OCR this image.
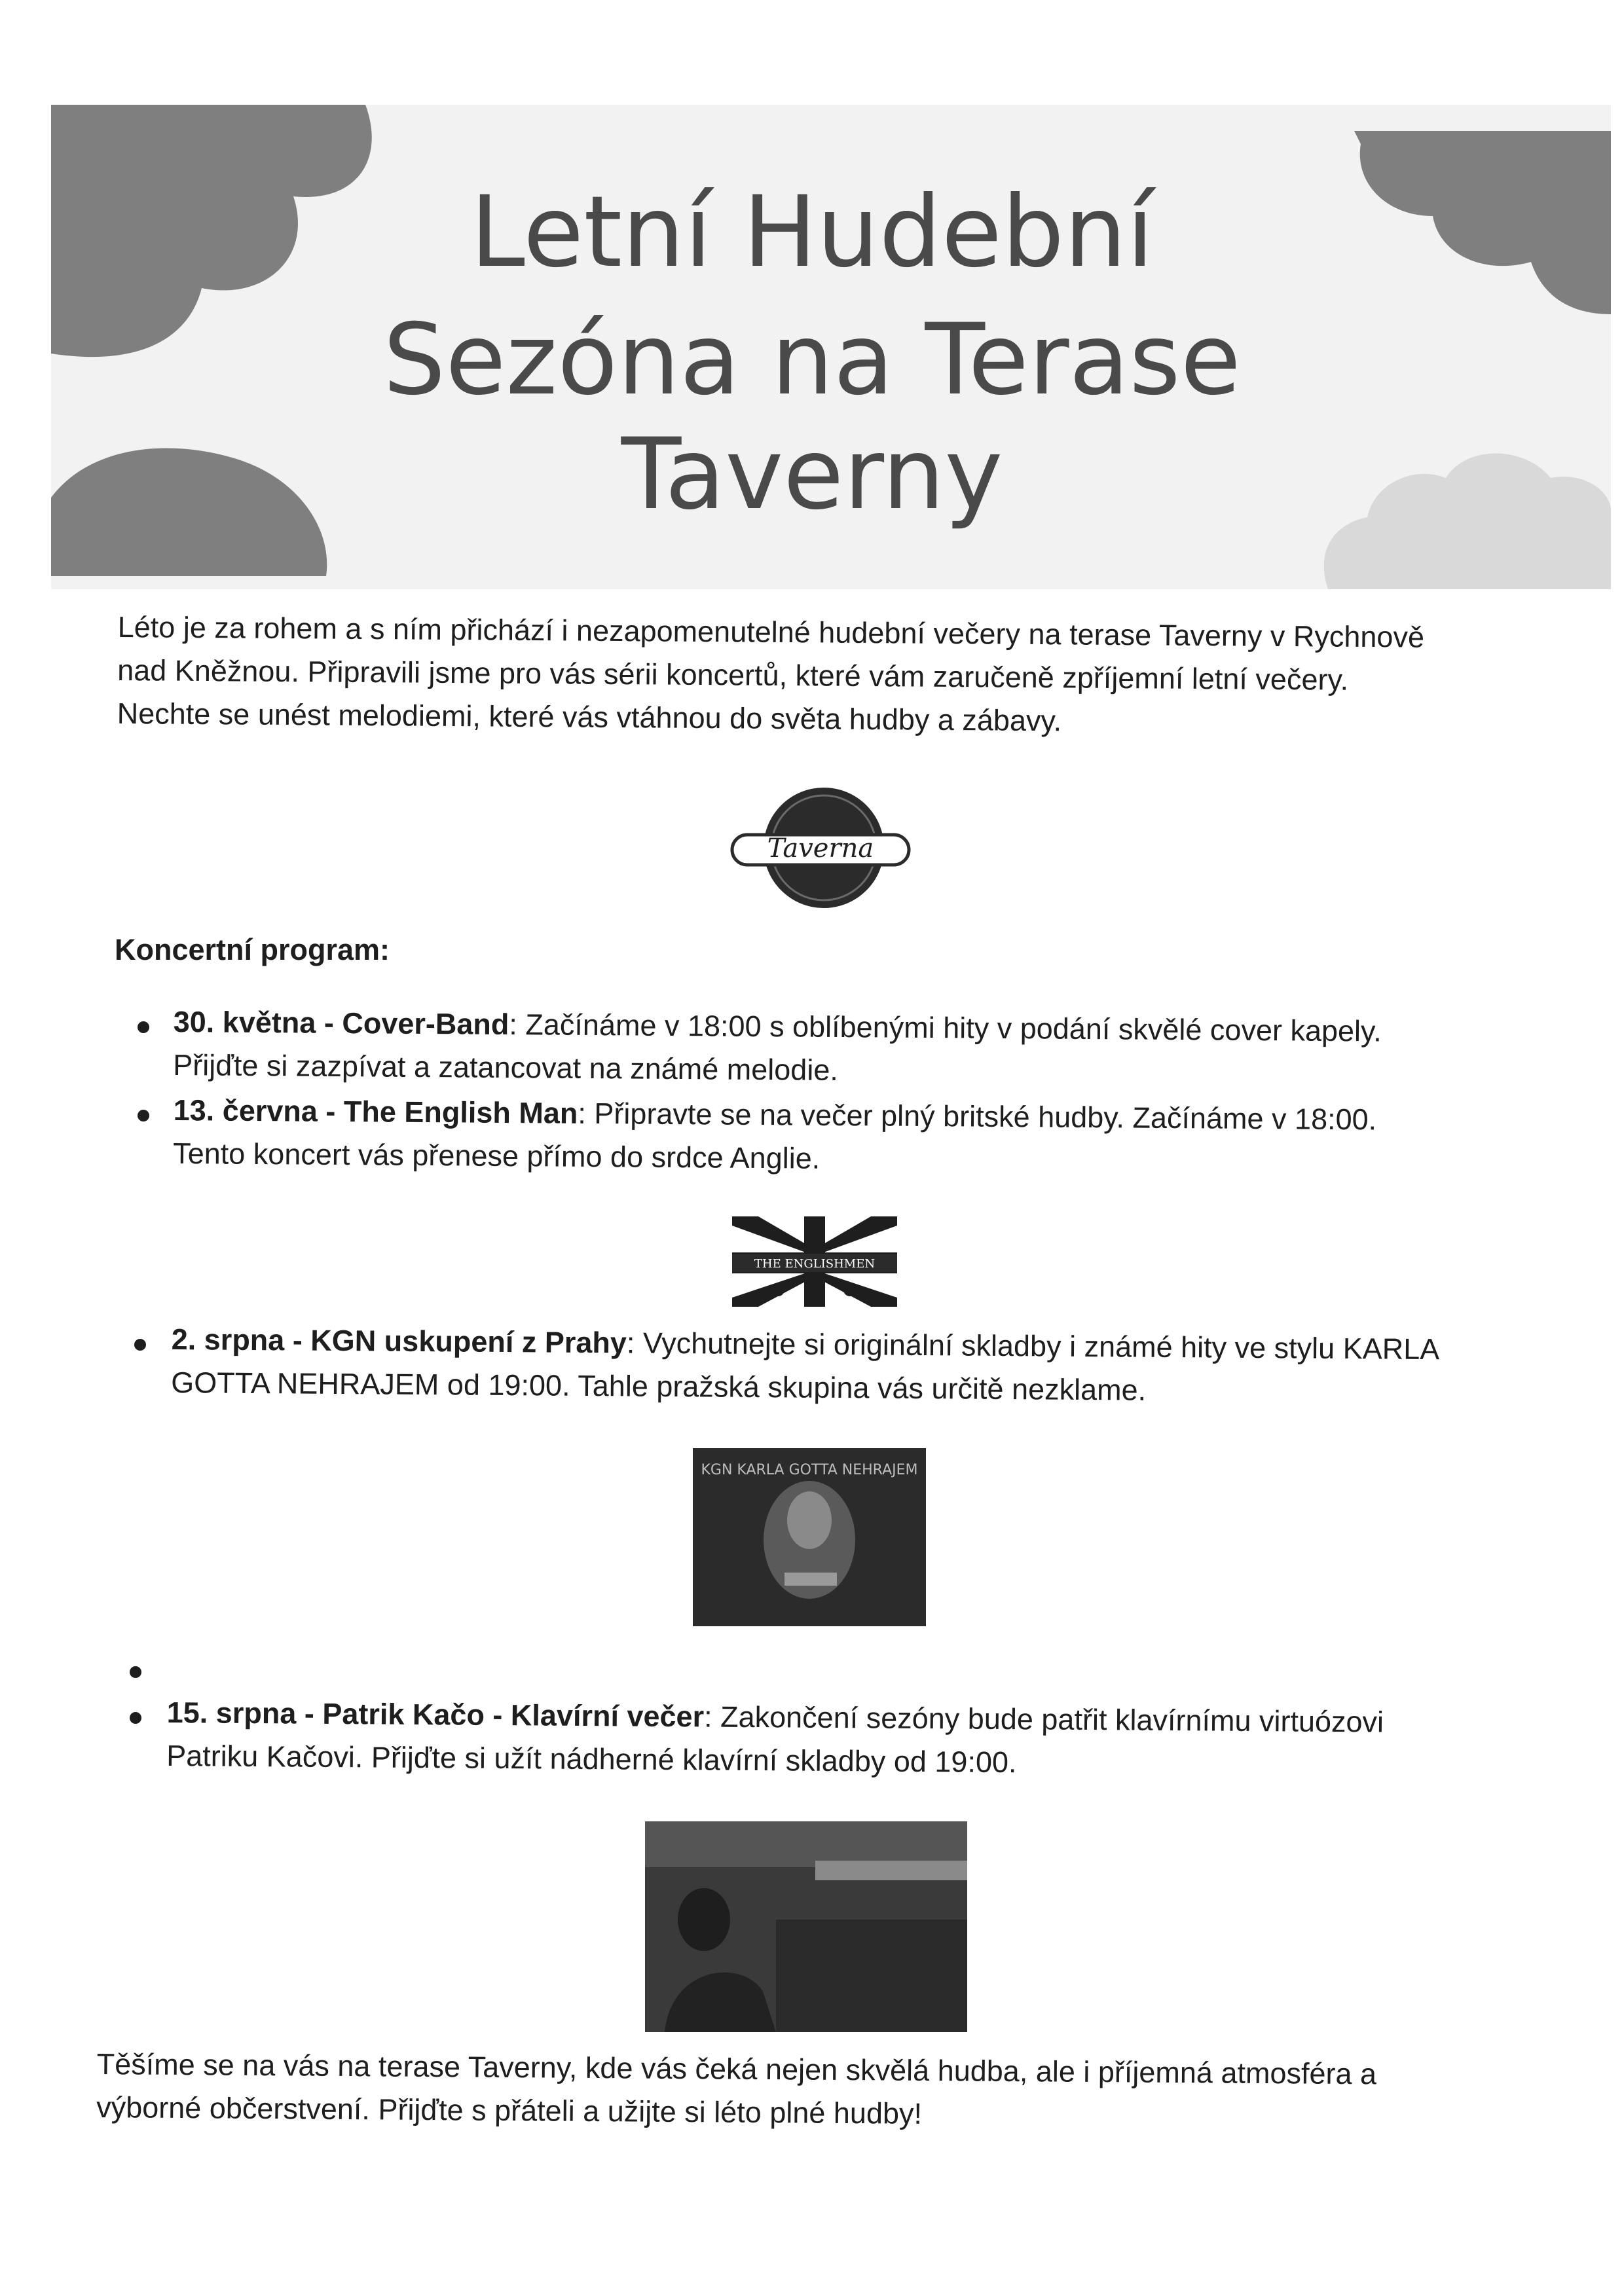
Letní Hudební
Sezóna na Terase
Taverny
Léto je za rohem a s ním přichází i nezapomenutelné hudební večery na terase Taverny v Rychnově
nad Kněžnou. Připravili jsme pro vás sérii koncertů, které vám zaručeně zpříjemní letní večery.
Nechte se unést melodiemi, které vás vtáhnou do světa hudby a zábavy.
Taverna
Koncertní program:
30. května - Cover-Band: Začínáme v 18:00 s oblíbenými hity v podání skvělé cover kapely.
Přijďte si zazpívat a zatancovat na známé melodie.
13. června - The English Man: Připravte se na večer plný britské hudby. Začínáme v 18:00.
Tento koncert vás přenese přímo do srdce Anglie.
THE ENGLISHMEN
2. srpna - KGN uskupení z Prahy: Vychutnejte si originální skladby i známé hity ve stylu KARLA
GOTTA NEHRAJEM od 19:00. Tahle pražská skupina vás určitě nezklame.
KGN KARLA GOTTA NEHRAJEM
15. srpna - Patrik Kačo - Klavírní večer: Zakončení sezóny bude patřit klavírnímu virtuózovi
Patriku Kačovi. Přijďte si užít nádherné klavírní skladby od 19:00.
Těšíme se na vás na terase Taverny, kde vás čeká nejen skvělá hudba, ale i příjemná atmosféra a
výborné občerstvení. Přijďte s přáteli a užijte si léto plné hudby!
